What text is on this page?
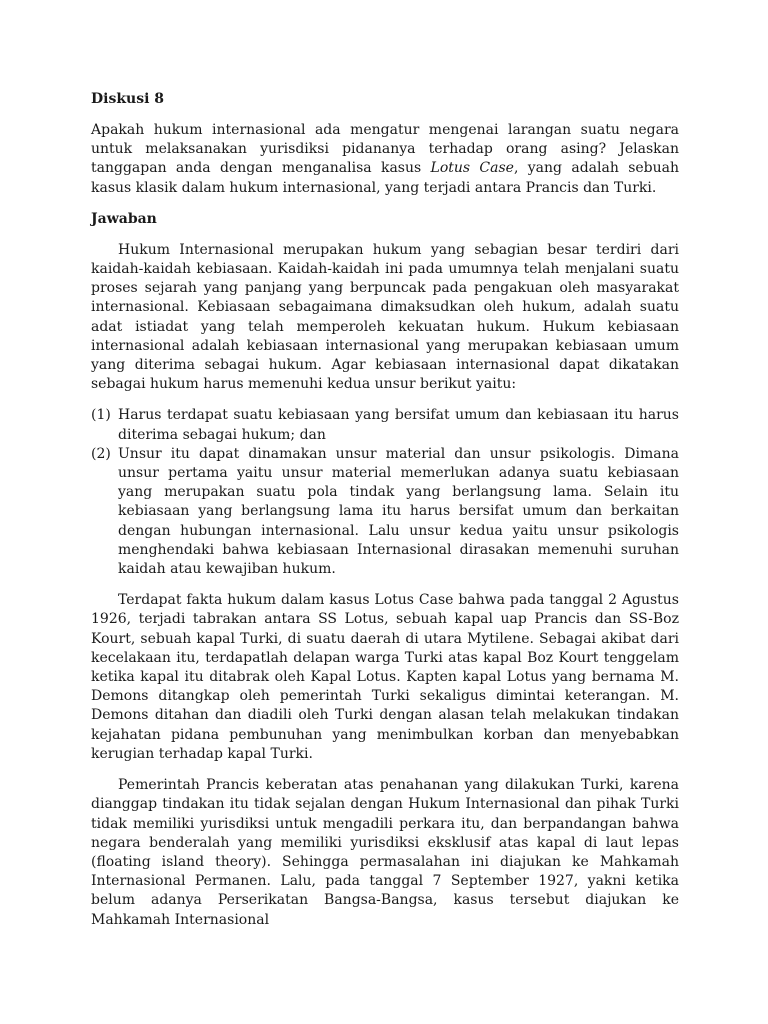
Diskusi 8

Apakah hukum internasional ada mengatur mengenai larangan suatu negara untuk melaksanakan yurisdiksi pidananya terhadap orang asing? Jelaskan tanggapan anda dengan menganalisa kasus Lotus Case, yang adalah sebuah kasus klasik dalam hukum internasional, yang terjadi antara Prancis dan Turki.

Jawaban

Hukum Internasional merupakan hukum yang sebagian besar terdiri dari kaidah-kaidah kebiasaan. Kaidah-kaidah ini pada umumnya telah menjalani suatu proses sejarah yang panjang yang berpuncak pada pengakuan oleh masyarakat internasional. Kebiasaan sebagaimana dimaksudkan oleh hukum, adalah suatu adat istiadat yang telah memperoleh kekuatan hukum. Hukum kebiasaan internasional adalah kebiasaan internasional yang merupakan kebiasaan umum yang diterima sebagai hukum. Agar kebiasaan internasional dapat dikatakan sebagai hukum harus memenuhi kedua unsur berikut yaitu:

(1) Harus terdapat suatu kebiasaan yang bersifat umum dan kebiasaan itu harus diterima sebagai hukum; dan
(2) Unsur itu dapat dinamakan unsur material dan unsur psikologis. Dimana unsur pertama yaitu unsur material memerlukan adanya suatu kebiasaan yang merupakan suatu pola tindak yang berlangsung lama. Selain itu kebiasaan yang berlangsung lama itu harus bersifat umum dan berkaitan dengan hubungan internasional. Lalu unsur kedua yaitu unsur psikologis menghendaki bahwa kebiasaan Internasional dirasakan memenuhi suruhan kaidah atau kewajiban hukum.

Terdapat fakta hukum dalam kasus Lotus Case bahwa pada tanggal 2 Agustus 1926, terjadi tabrakan antara SS Lotus, sebuah kapal uap Prancis dan SS-Boz Kourt, sebuah kapal Turki, di suatu daerah di utara Mytilene. Sebagai akibat dari kecelakaan itu, terdapatlah delapan warga Turki atas kapal Boz Kourt tenggelam ketika kapal itu ditabrak oleh Kapal Lotus. Kapten kapal Lotus yang bernama M. Demons ditangkap oleh pemerintah Turki sekaligus dimintai keterangan. M. Demons ditahan dan diadili oleh Turki dengan alasan telah melakukan tindakan kejahatan pidana pembunuhan yang menimbulkan korban dan menyebabkan kerugian terhadap kapal Turki.

Pemerintah Prancis keberatan atas penahanan yang dilakukan Turki, karena dianggap tindakan itu tidak sejalan dengan Hukum Internasional dan pihak Turki tidak memiliki yurisdiksi untuk mengadili perkara itu, dan berpandangan bahwa negara benderalah yang memiliki yurisdiksi eksklusif atas kapal di laut lepas (floating island theory). Sehingga permasalahan ini diajukan ke Mahkamah Internasional Permanen. Lalu, pada tanggal 7 September 1927, yakni ketika belum adanya Perserikatan Bangsa-Bangsa, kasus tersebut diajukan ke Mahkamah Internasional
